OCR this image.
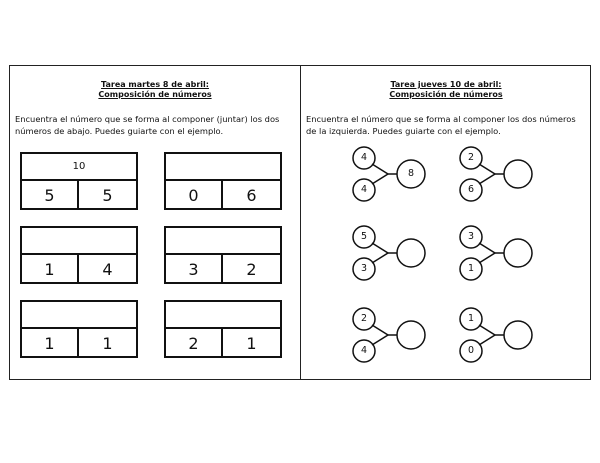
Tarea martes 8 de abril:
Composición de números
Encuentra el número que se forma al componer (juntar) los dos números de abajo. Puedes guiarte con el ejemplo.
10
5	5	0	6
1	4	3	2
1	1	2	1
Tarea jueves 10 de abril:
Composición de números
Encuentra el número que se forma al componer los dos números de la izquierda. Puedes guiarte con el ejemplo.
4
4
8
2
6
5
3
3
1
2
4
1
0
